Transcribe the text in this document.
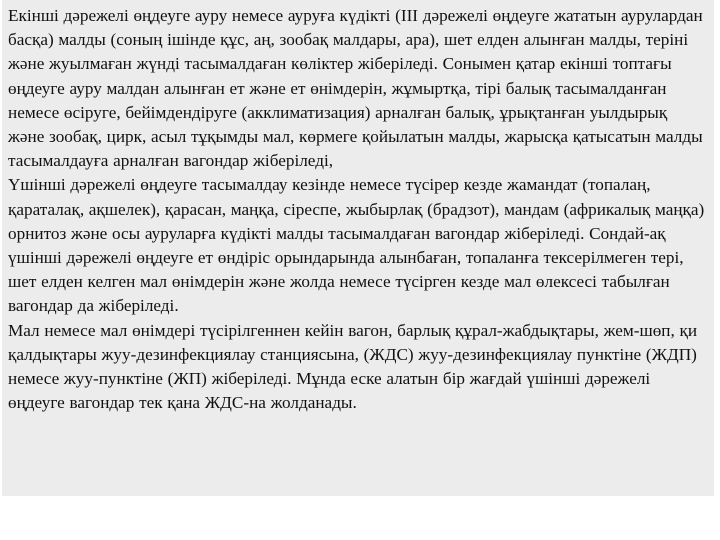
Екінші дәрежелі өңдеуге ауру немесе ауруға күдікті (ІІІ дәрежелі өңдеуге жататын аурулардан басқа) малды (соның ішінде құс, аң, зообақ малдары, ара), шет елден алынған малды, теріні және жуылмаған жүнді тасымалдаған көліктер жіберіледі. Сонымен қатар екінші топтағы өңдеуге ауру малдан алынған ет және ет өнімдерін, жұмыртқа, тірі балық тасымалданған немесе өсіруге, бейімдендіруге (акклиматизация) арналған балық, ұрықтанған уылдырық және зообақ, цирк, асыл тұқымды мал, көрмеге қойылатын малды, жарысқа қатысатын малды тасымалдауға арналған вагондар жіберіледі,

Үшінші дәрежелі өңдеуге тасымалдау кезінде немесе түсірер кезде жамандат (топалаң, қараталақ, ақшелек), қарасан, маңқа, сіреспе, жыбырлақ (брадзот), мандам (африкалық маңқа) орнитоз және осы ауруларға күдікті малды тасымалдаған вагондар жіберіледі. Сондай-ақ үшінші дәрежелі өңдеуге ет өндіріс орындарында алынбаған, топаланға тексерілмеген тері, шет елден келген мал өнімдерін және жолда немесе түсірген кезде мал өлексесі табылған вагондар да жіберіледі.

Мал немесе мал өнімдері түсірілгеннен кейін вагон, барлық құрал-жабдықтары, жем-шөп, қи қалдықтары жуу-дезинфекциялау станциясына, (ЖДС) жуу-дезинфекциялау пунктіне (ЖДП) немесе жуу-пунктіне (ЖП) жіберіледі. Мұнда еске алатын бір жағдай үшінші дәрежелі өңдеуге вагондар тек қана ЖДС-на жолданады.
